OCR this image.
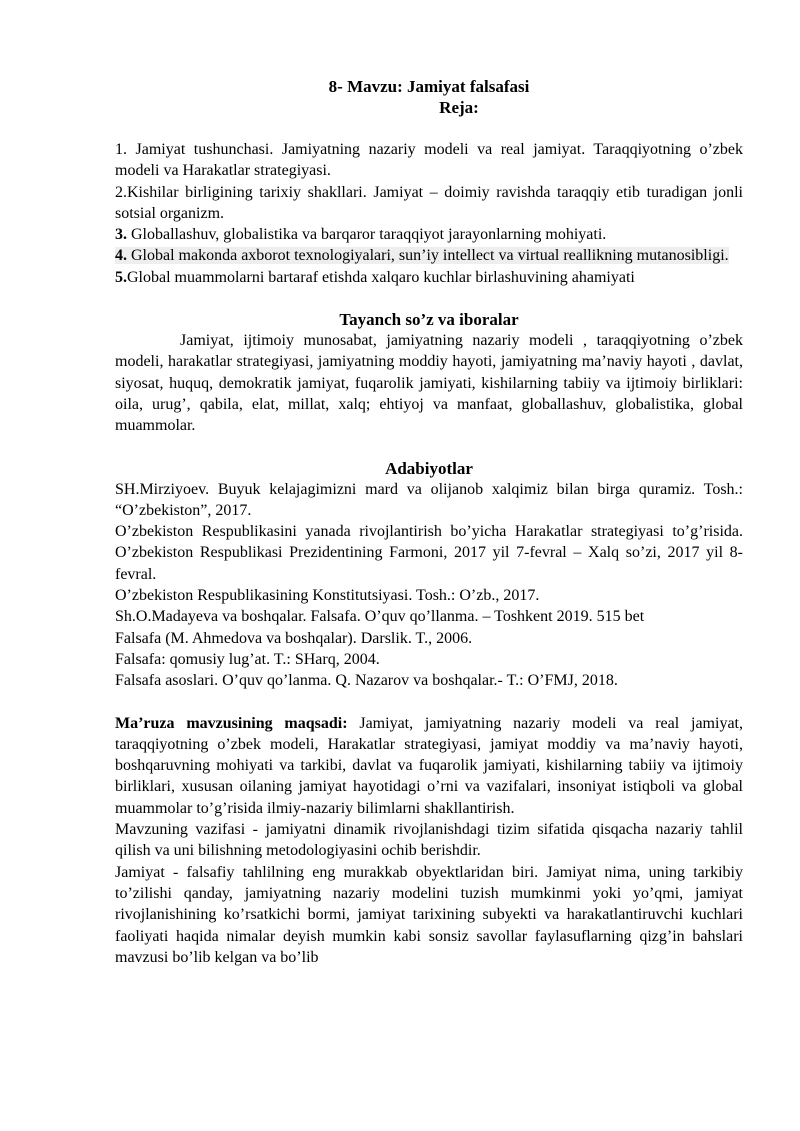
8- Mavzu: Jamiyat falsafasi
Reja:

1. Jamiyat tushunchasi. Jamiyatning nazariy modeli va real jamiyat. Taraqqiyotning o’zbek modeli va Harakatlar strategiyasi.

2.Kishilar birligining tarixiy shakllari. Jamiyat – doimiy ravishda taraqqiy etib turadigan jonli sotsial organizm.

3. Globallashuv, globalistika va barqaror taraqqiyot jarayonlarning mohiyati.

4. Global makonda axborot texnologiyalari, sun’iy intellect va virtual reallikning mutanosibligi.

5.Global muammolarni bartaraf etishda xalqaro kuchlar birlashuvining ahamiyati

Tayanch so’z va iboralar

Jamiyat, ijtimoiy munosabat, jamiyatning nazariy modeli , taraqqiyotning o’zbek modeli, harakatlar strategiyasi, jamiyatning moddiy hayoti, jamiyatning ma’naviy hayoti , davlat, siyosat, huquq, demokratik jamiyat, fuqarolik jamiyati, kishilarning tabiiy va ijtimoiy birliklari: oila, urug’, qabila, elat, millat, xalq; ehtiyoj va manfaat, globallashuv, globalistika, global muammolar.

Adabiyotlar

SH.Mirziyoev. Buyuk kelajagimizni mard va olijanob xalqimiz bilan birga quramiz. Tosh.: “O’zbekiston”, 2017.

O’zbekiston Respublikasini yanada rivojlantirish bo’yicha Harakatlar strategiyasi to’g’risida. O’zbekiston Respublikasi Prezidentining Farmoni, 2017 yil 7-fevral – Xalq so’zi, 2017 yil 8-fevral.

O’zbekiston Respublikasining Konstitutsiyasi. Tosh.: O’zb., 2017.

Sh.O.Madayeva va boshqalar. Falsafa. O’quv qo’llanma. – Toshkent 2019. 515 bet

Falsafa (M. Ahmedova va boshqalar). Darslik. T., 2006.

Falsafa: qomusiy lug’at. T.: SHarq, 2004.

Falsafa asoslari. O’quv qo’lanma. Q. Nazarov va boshqalar.- T.: O’FMJ, 2018.

Ma’ruza mavzusining maqsadi: Jamiyat, jamiyatning nazariy modeli va real jamiyat, taraqqiyotning o’zbek modeli, Harakatlar strategiyasi, jamiyat moddiy va ma’naviy hayoti, boshqaruvning mohiyati va tarkibi, davlat va fuqarolik jamiyati, kishilarning tabiiy va ijtimoiy birliklari, xususan oilaning jamiyat hayotidagi o’rni va vazifalari, insoniyat istiqboli va global muammolar to’g’risida ilmiy-nazariy bilimlarni shakllantirish.

Mavzuning vazifasi - jamiyatni dinamik rivojlanishdagi tizim sifatida qisqacha nazariy tahlil qilish va uni bilishning metodologiyasini ochib berishdir.

Jamiyat - falsafiy tahlilning eng murakkab obyektlaridan biri. Jamiyat nima, uning tarkibiy to’zilishi qanday, jamiyatning nazariy modelini tuzish mumkinmi yoki yo’qmi, jamiyat rivojlanishining ko’rsatkichi bormi, jamiyat tarixining subyekti va harakatlantiruvchi kuchlari faoliyati haqida nimalar deyish mumkin kabi sonsiz savollar faylasuflarning qizg’in bahslari mavzusi bo’lib kelgan va bo’lib
